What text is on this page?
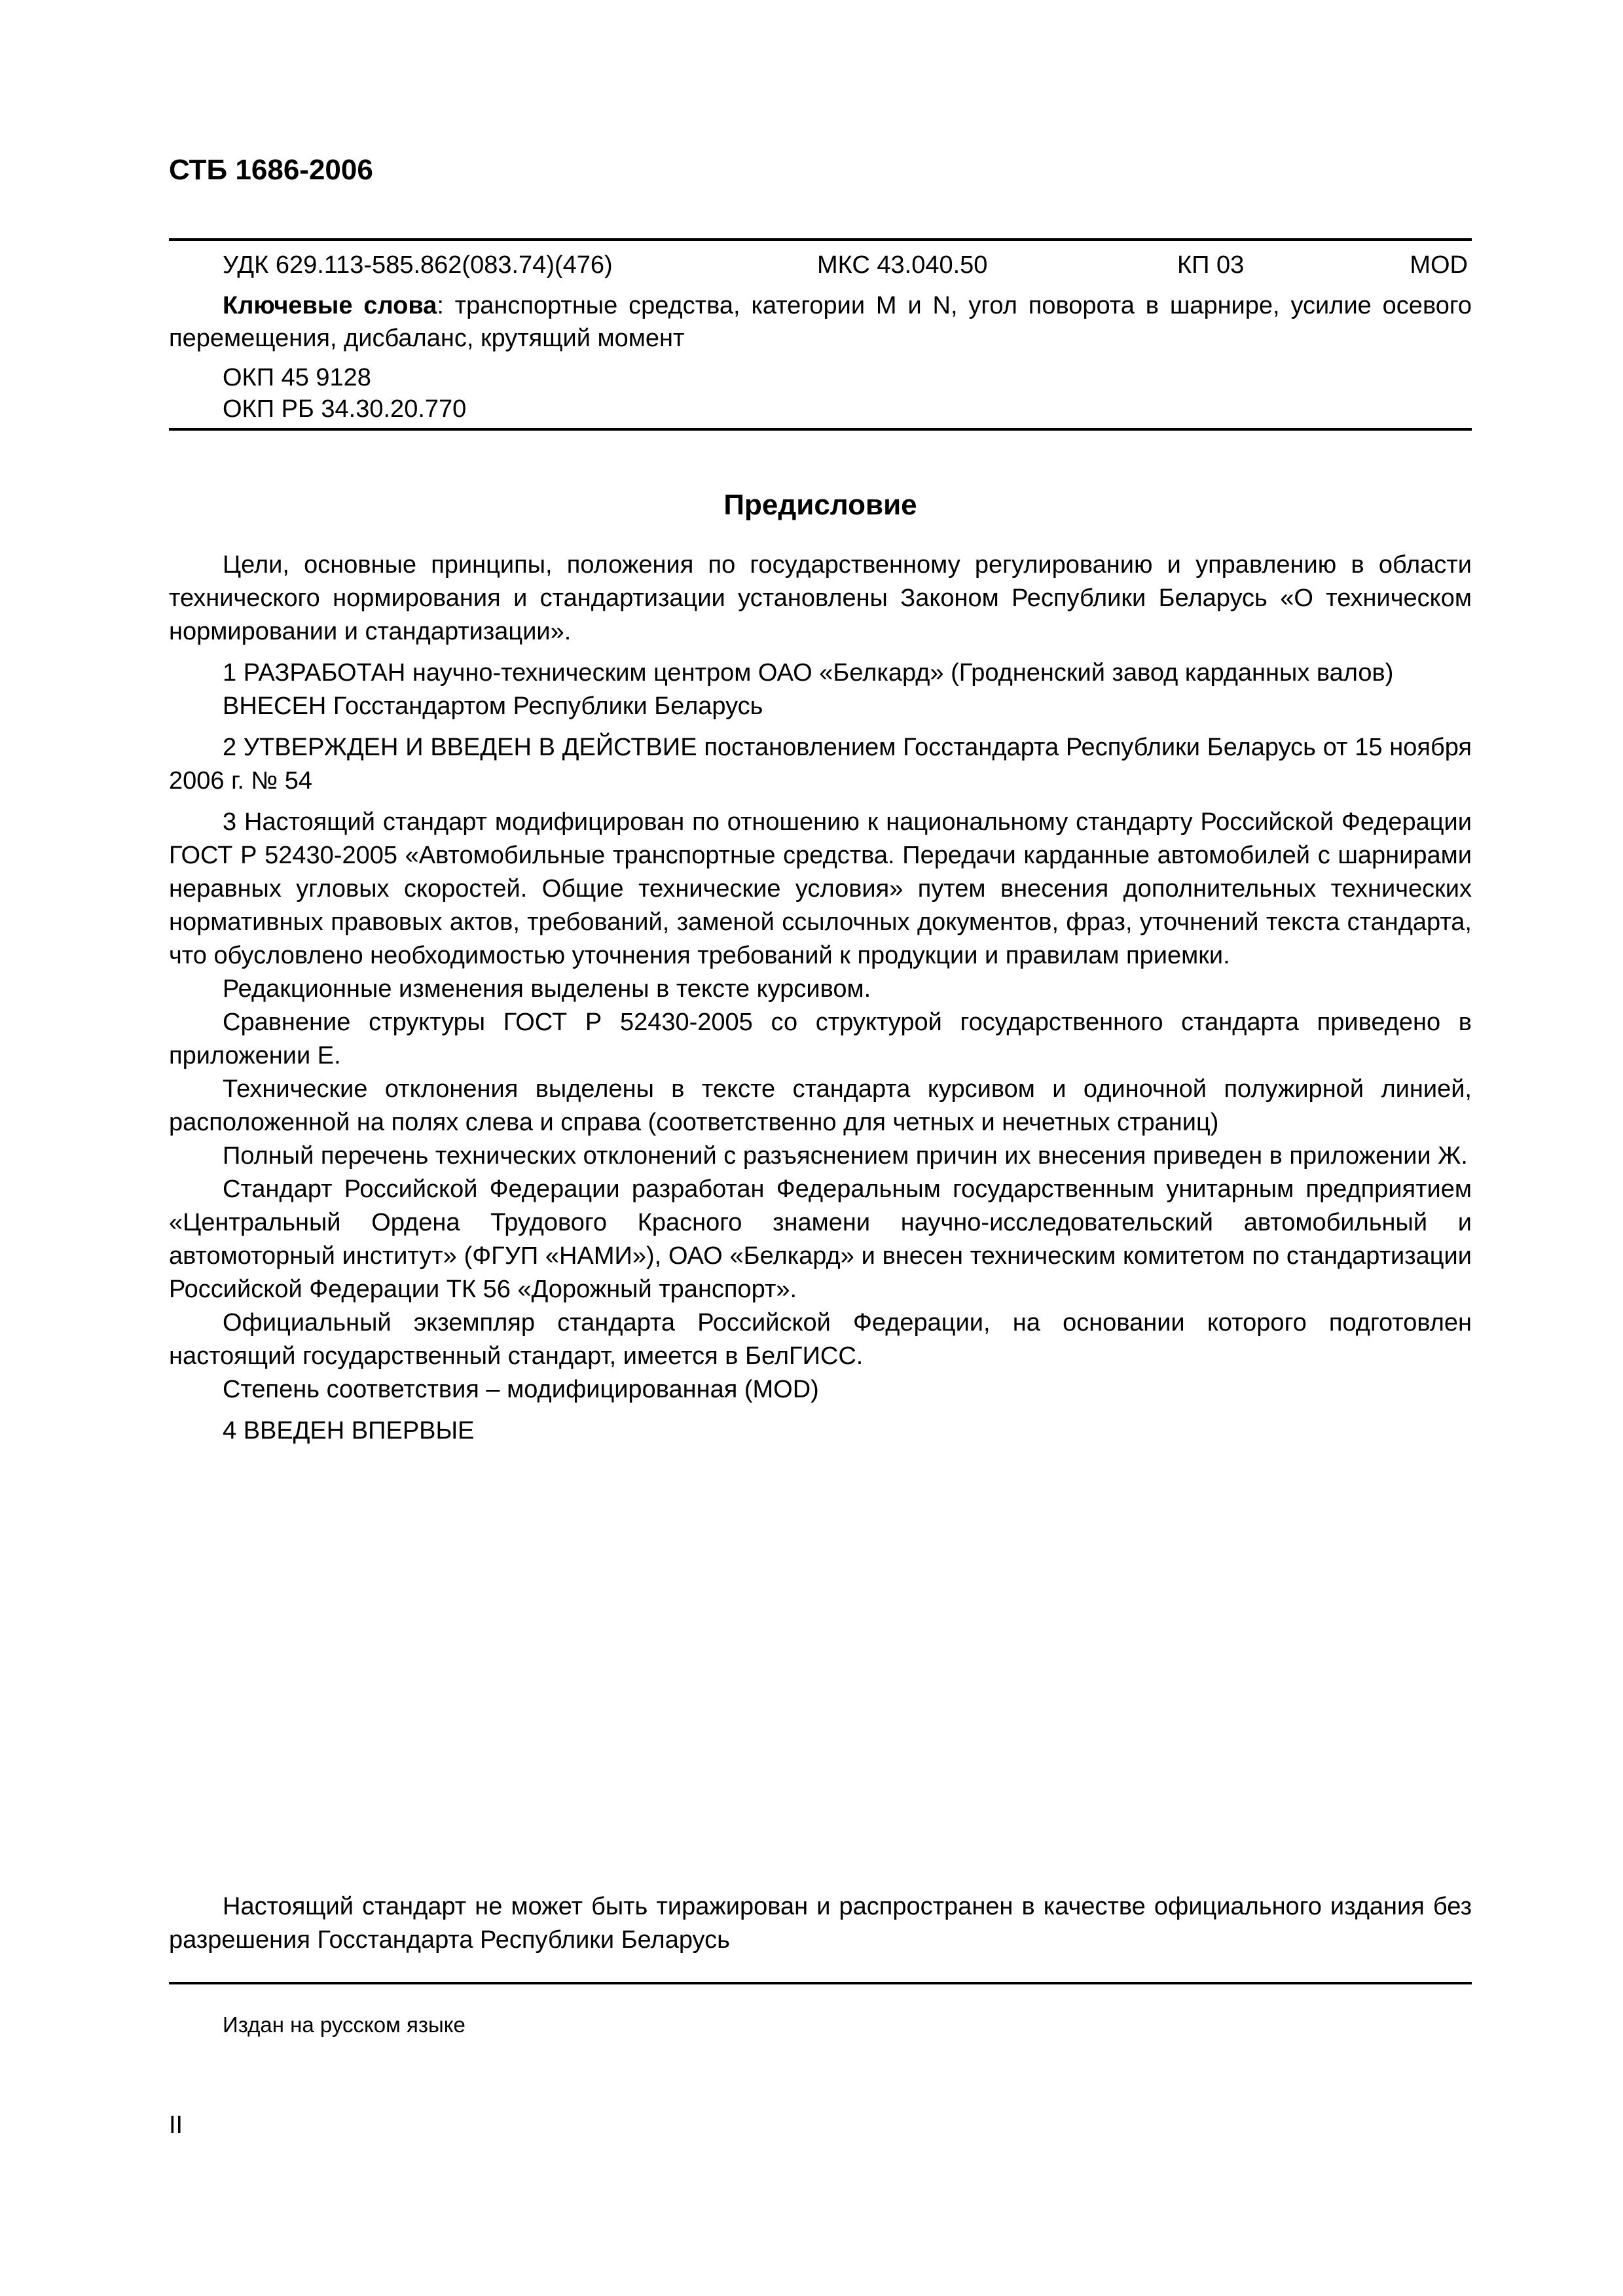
СТБ 1686-2006
УДК 629.113-585.862(083.74)(476)	МКС 43.040.50	КП 03	MOD
Ключевые слова: транспортные средства, категории M и N, угол поворота в шарнире, усилие осевого перемещения, дисбаланс, крутящий момент
ОКП 45 9128
ОКП РБ 34.30.20.770
Предисловие

Цели, основные принципы, положения по государственному регулированию и управлению в области технического нормирования и стандартизации установлены Законом Республики Беларусь «О техническом нормировании и стандартизации».

1 РАЗРАБОТАН научно-техническим центром ОАО «Белкард» (Гродненский завод карданных валов)

ВНЕСЕН Госстандартом Республики Беларусь

2 УТВЕРЖДЕН И ВВЕДЕН В ДЕЙСТВИЕ постановлением Госстандарта Республики Беларусь от 15 ноября 2006 г. № 54

3 Настоящий стандарт модифицирован по отношению к национальному стандарту Российской Федерации ГОСТ Р 52430-2005 «Автомобильные транспортные средства. Передачи карданные автомобилей с шарнирами неравных угловых скоростей. Общие технические условия» путем внесения дополнительных технических нормативных правовых актов, требований, заменой ссылочных документов, фраз, уточнений текста стандарта, что обусловлено необходимостью уточнения требований к продукции и правилам приемки.

Редакционные изменения выделены в тексте курсивом.

Сравнение структуры ГОСТ Р 52430-2005 со структурой государственного стандарта приведено в приложении Е.

Технические отклонения выделены в тексте стандарта курсивом и одиночной полужирной линией, расположенной на полях слева и справа (соответственно для четных и нечетных страниц)

Полный перечень технических отклонений с разъяснением причин их внесения приведен в приложении Ж.

Стандарт Российской Федерации разработан Федеральным государственным унитарным предприятием «Центральный Ордена Трудового Красного знамени научно-исследовательский автомобильный и автомоторный институт» (ФГУП «НАМИ»), ОАО «Белкард» и внесен техническим комитетом по стандартизации Российской Федерации ТК 56 «Дорожный транспорт».

Официальный экземпляр стандарта Российской Федерации, на основании которого подготовлен настоящий государственный стандарт, имеется в БелГИСС.

Степень соответствия – модифицированная (MOD)

4 ВВЕДЕН ВПЕРВЫЕ

Настоящий стандарт не может быть тиражирован и распространен в качестве официального издания без разрешения Госстандарта Республики Беларусь
Издан на русском языке
II
